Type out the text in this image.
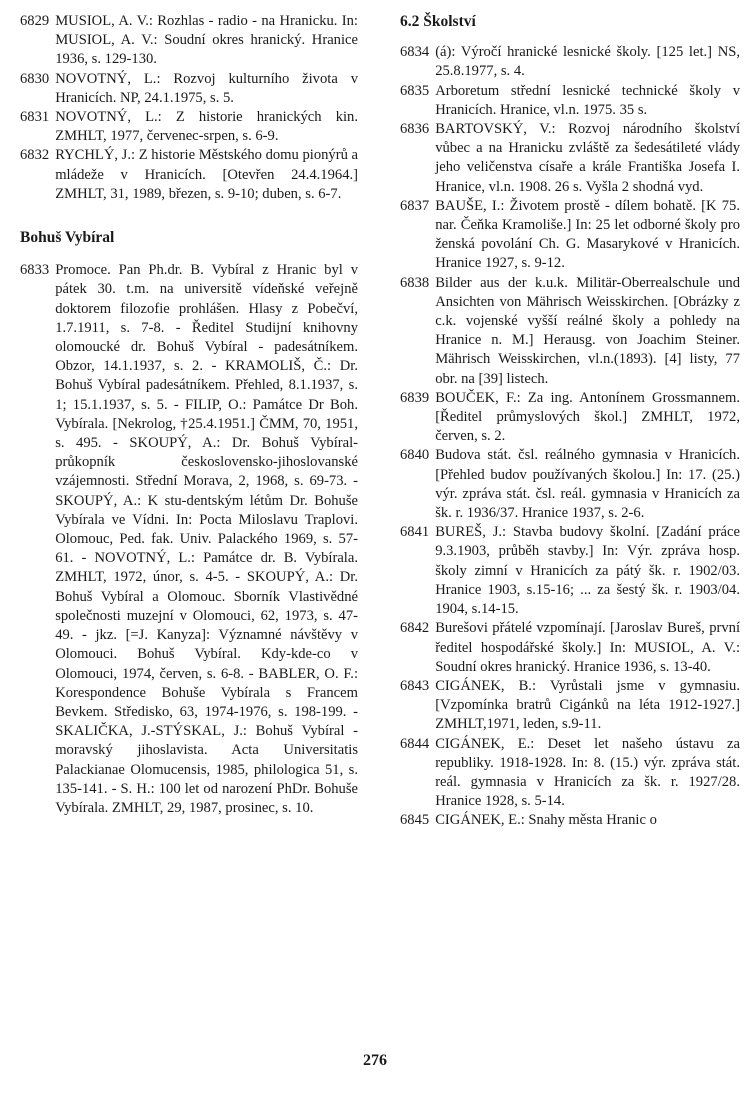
6829 MUSIOL, A. V.: Rozhlas - radio - na Hranicku. In: MUSIOL, A. V.: Soudní okres hranický. Hranice 1936, s. 129-130.
6830 NOVOTNÝ, L.: Rozvoj kulturního života v Hranicích. NP, 24.1.1975, s. 5.
6831 NOVOTNÝ, L.: Z historie hranických kin. ZMHLT, 1977, červenec-srpen, s. 6-9.
6832 RYCHLÝ, J.: Z historie Městského domu pionýrů a mládeže v Hranicích. [Otevřen 24.4.1964.] ZMHLT, 31, 1989, březen, s. 9-10; duben, s. 6-7.
Bohuš Vybíral
6833 Promoce. Pan Ph.dr. B. Vybíral z Hranic byl v pátek 30. t.m. na universitě vídeňské veřejně doktorem filozofie prohlášen. Hlasy z Pobečví, 1.7.1911, s. 7-8. - Ředitel Studijní knihovny olomoucké dr. Bohuš Vybíral - padesátníkem. Obzor, 14.1.1937, s. 2. - KRAMOLIŠ, Č.: Dr. Bohuš Vybíral padesátníkem. Přehled, 8.1.1937, s. 1; 15.1.1937, s. 5. - FILIP, O.: Památce Dr Boh. Vybírala. [Nekrolog, †25.4.1951.] ČMM, 70, 1951, s. 495. - SKOUPÝ, A.: Dr. Bohuš Vybíral-průkopník československo-jihoslovanské vzájemnosti. Střední Morava, 2, 1968, s. 69-73. - SKOUPÝ, A.: K stu-dentským létům Dr. Bohuše Vybírala ve Vídni. In: Pocta Miloslavu Traplovi. Olomouc, Ped. fak. Univ. Palackého 1969, s. 57-61. - NOVOTNÝ, L.: Památce dr. B. Vybírala. ZMHLT, 1972, únor, s. 4-5. - SKOUPÝ, A.: Dr. Bohuš Vybíral a Olomouc. Sborník Vlastivědné společnosti muzejní v Olomouci, 62, 1973, s. 47-49. - jkz. [=J. Kanyza]: Významné návštěvy v Olomouci. Bohuš Vybíral. Kdy-kde-co v Olomouci, 1974, červen, s. 6-8. - BABLER, O. F.: Korespondence Bohuše Vybírala s Francem Bevkem. Středisko, 63, 1974-1976, s. 198-199. - SKALIČKA, J.-STÝSKAL, J.: Bohuš Vybíral - moravský jihoslavista. Acta Universitatis Palackianae Olomucensis, 1985, philologica 51, s. 135-141. - S. H.: 100 let od narození PhDr. Bohuše Vybírala. ZMHLT, 29, 1987, prosinec, s. 10.
6.2 Školství
6834 (á): Výročí hranické lesnické školy. [125 let.] NS, 25.8.1977, s. 4.
6835 Arboretum střední lesnické technické školy v Hranicích. Hranice, vl.n. 1975. 35 s.
6836 BARTOVSKÝ, V.: Rozvoj národního školství vůbec a na Hranicku zvláště za šedesátileté vlády jeho veličenstva císaře a krále Františka Josefa I. Hranice, vl.n. 1908. 26 s. Vyšla 2 shodná vyd.
6837 BAUŠE, I.: Životem prostě - dílem bohatě. [K 75. nar. Čeňka Kramoliše.] In: 25 let odborné školy pro ženská povolání Ch. G. Masarykové v Hranicích. Hranice 1927, s. 9-12.
6838 Bilder aus der k.u.k. Militär-Oberrealschule und Ansichten von Mährisch Weisskirchen. [Obrázky z c.k. vojenské vyšší reálné školy a pohledy na Hranice n. M.] Herausg. von Joachim Steiner. Mährisch Weisskirchen, vl.n.(1893). [4] listy, 77 obr. na [39] listech.
6839 BOUČEK, F.: Za ing. Antonínem Grossmannem. [Ředitel průmyslových škol.] ZMHLT, 1972, červen, s. 2.
6840 Budova stát. čsl. reálného gymnasia v Hranicích. [Přehled budov používaných školou.] In: 17. (25.) výr. zpráva stát. čsl. reál. gymnasia v Hranicích za šk. r. 1936/37. Hranice 1937, s. 2-6.
6841 BUREŠ, J.: Stavba budovy školní. [Zadání práce 9.3.1903, průběh stavby.] In: Výr. zpráva hosp. školy zimní v Hranicích za pátý šk. r. 1902/03. Hranice 1903, s.15-16; ... za šestý šk. r. 1903/04. 1904, s.14-15.
6842 Burešovi přátelé vzpomínají. [Jaroslav Bureš, první ředitel hospodářské školy.] In: MUSIOL, A. V.: Soudní okres hranický. Hranice 1936, s. 13-40.
6843 CIGÁNEK, B.: Vyrůstali jsme v gymnasiu. [Vzpomínka bratrů Cigánků na léta 1912-1927.] ZMHLT,1971, leden, s.9-11.
6844 CIGÁNEK, E.: Deset let našeho ústavu za republiky. 1918-1928. In: 8. (15.) výr. zpráva stát. reál. gymnasia v Hranicích za šk. r. 1927/28. Hranice 1928, s. 5-14.
6845 CIGÁNEK, E.: Snahy města Hranic o
276
